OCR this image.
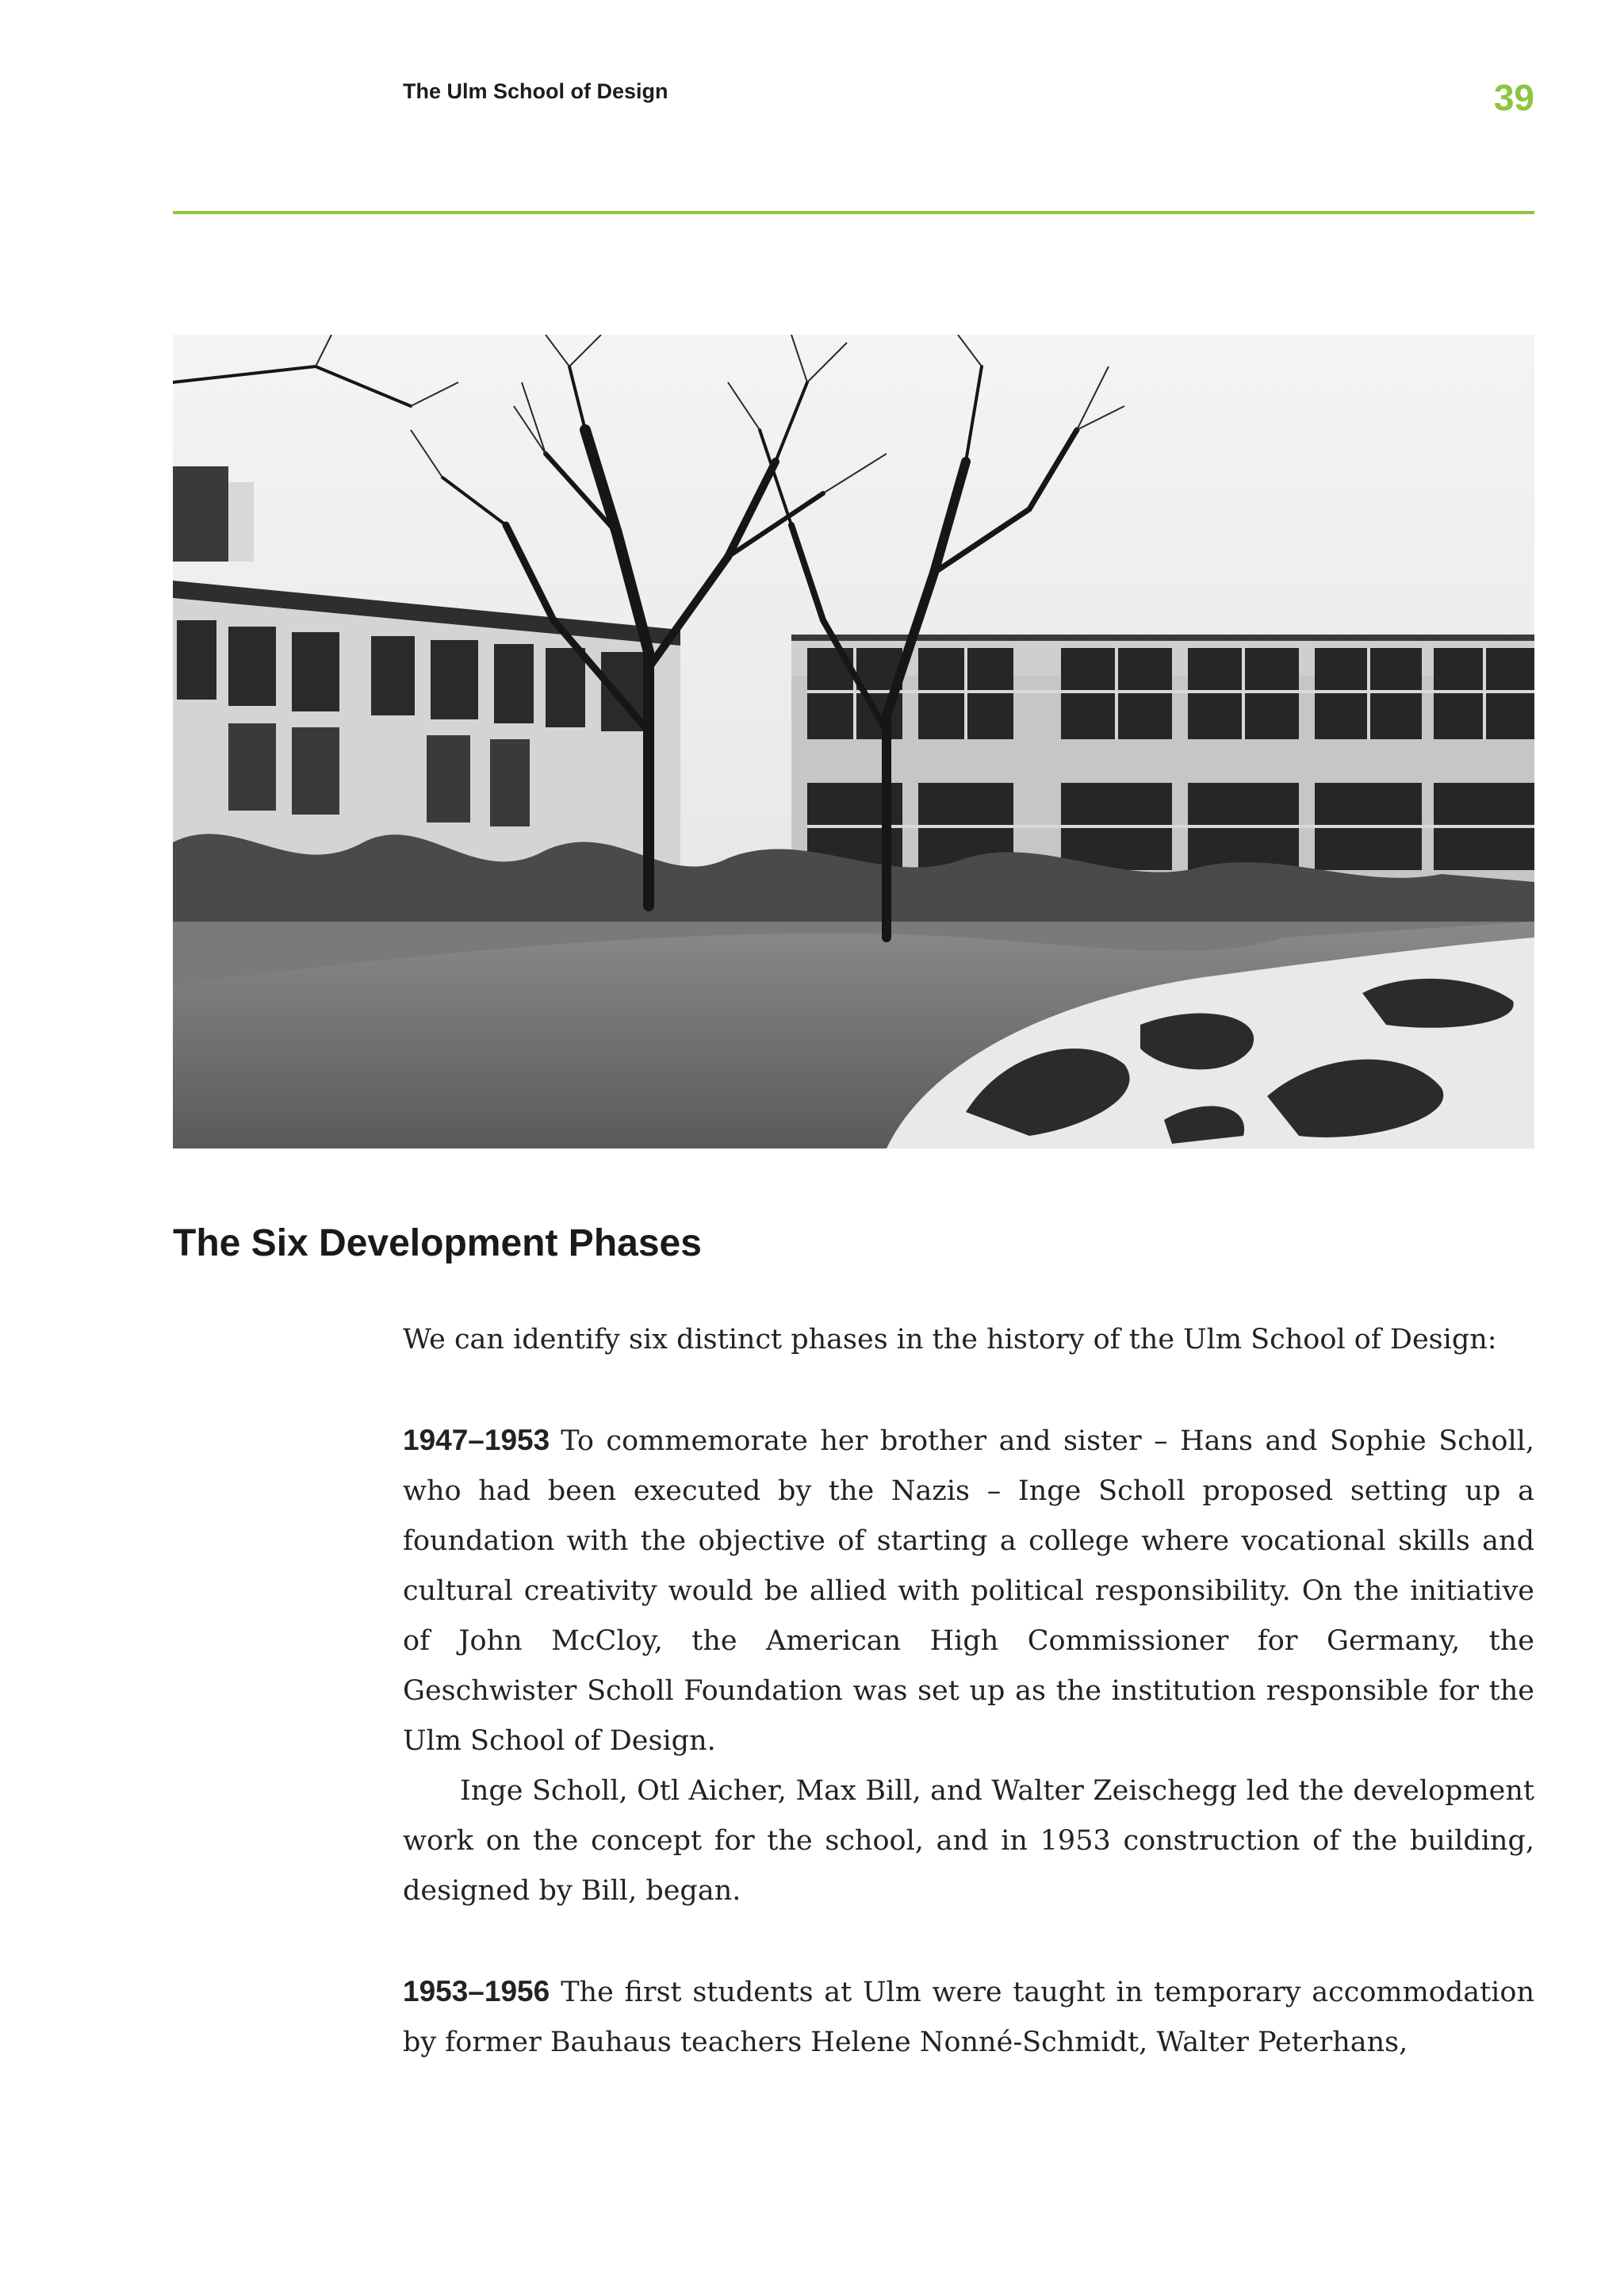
The Ulm School of Design	39
The Six Development Phases

We can identify six distinct phases in the history of the Ulm School of Design:

1947–1953 To commemorate her brother and sister – Hans and Sophie Scholl, who had been executed by the Nazis – Inge Scholl proposed setting up a foundation with the objective of starting a college where vocational skills and cultural creativity would be allied with political responsibility. On the initiative of John McCloy, the American High Commissioner for Germany, the Geschwister Scholl Foundation was set up as the institution responsible for the Ulm School of Design.

Inge Scholl, Otl Aicher, Max Bill, and Walter Zeischegg led the development work on the concept for the school, and in 1953 construction of the building, designed by Bill, began.

1953–1956 The first students at Ulm were taught in temporary accommodation by former Bauhaus teachers Helene Nonné-Schmidt, Walter Peterhans,
